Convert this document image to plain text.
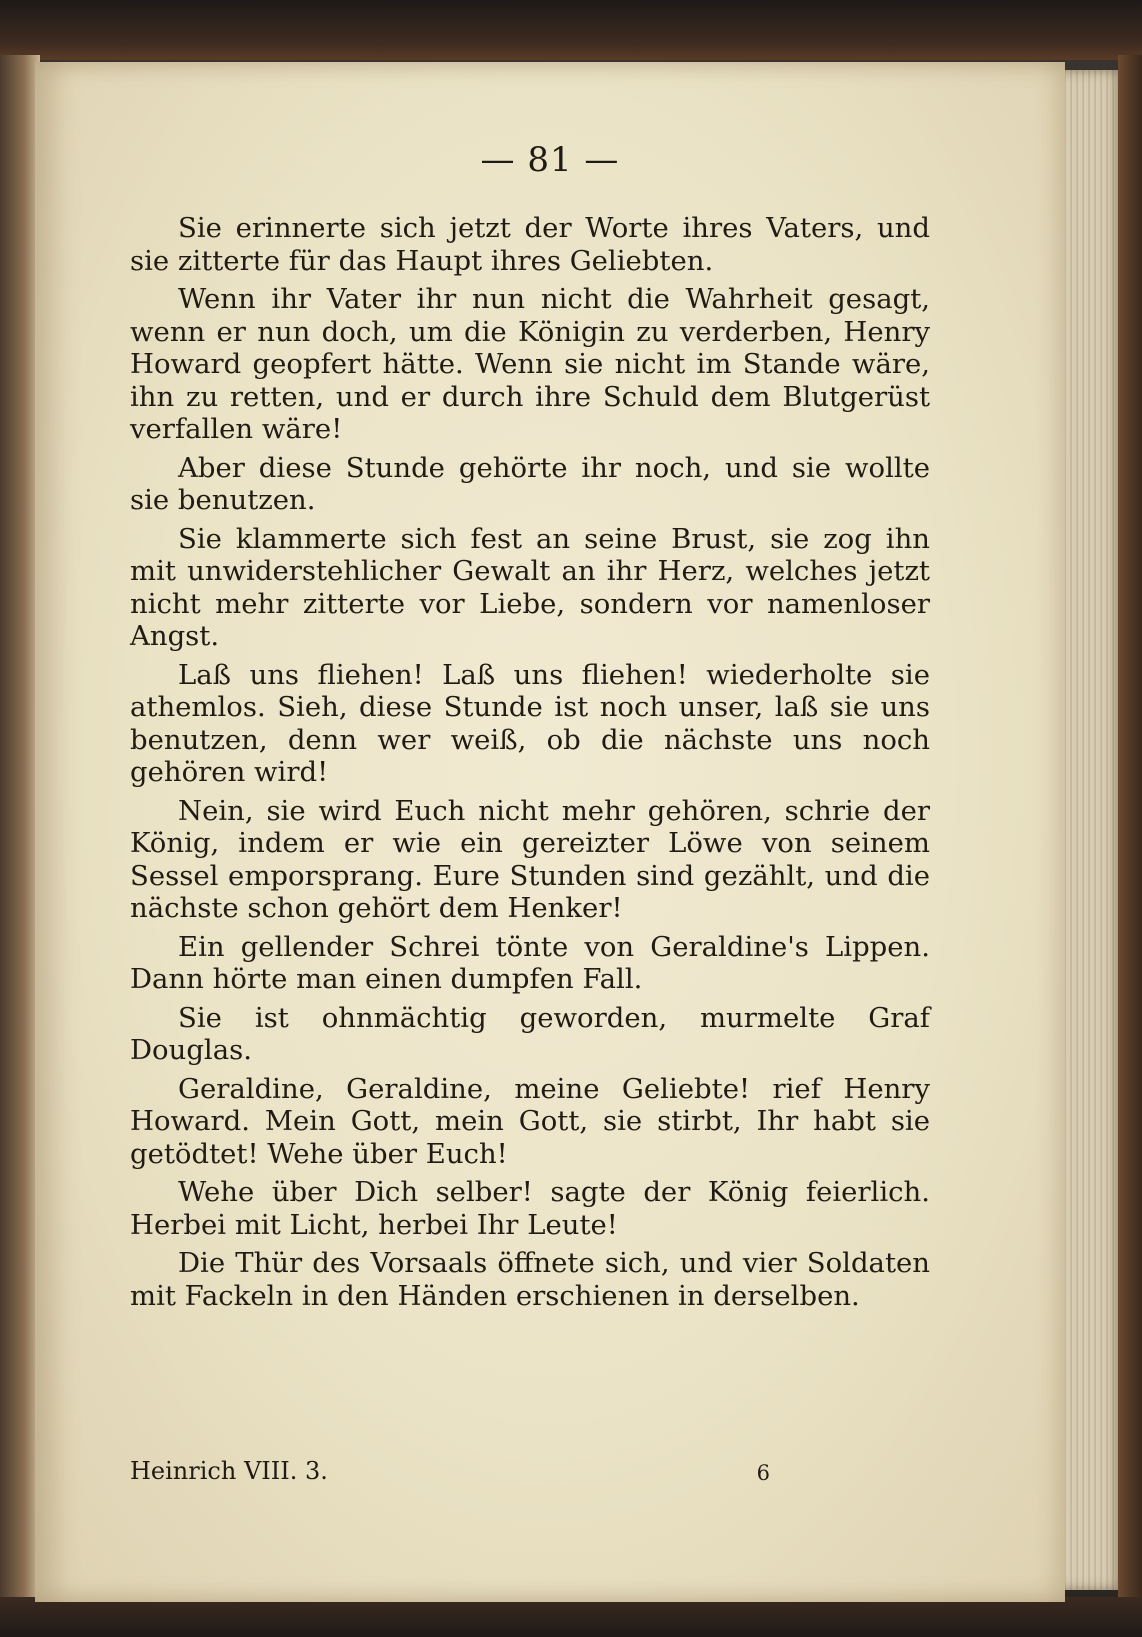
— 81 —

Sie erinnerte sich jetzt der Worte ihres Vaters, und sie zitterte für das Haupt ihres Geliebten.

Wenn ihr Vater ihr nun nicht die Wahrheit gesagt, wenn er nun doch, um die Königin zu verderben, Henry Howard geopfert hätte. Wenn sie nicht im Stande wäre, ihn zu retten, und er durch ihre Schuld dem Blutgerüst verfallen wäre!

Aber diese Stunde gehörte ihr noch, und sie wollte sie benutzen.

Sie klammerte sich fest an seine Brust, sie zog ihn mit unwiderstehlicher Gewalt an ihr Herz, welches jetzt nicht mehr zitterte vor Liebe, sondern vor namenloser Angst.

Laß uns fliehen! Laß uns fliehen! wiederholte sie athemlos. Sieh, diese Stunde ist noch unser, laß sie uns benutzen, denn wer weiß, ob die nächste uns noch gehören wird!

Nein, sie wird Euch nicht mehr gehören, schrie der König, indem er wie ein gereizter Löwe von seinem Sessel emporsprang. Eure Stunden sind gezählt, und die nächste schon gehört dem Henker!

Ein gellender Schrei tönte von Geraldine's Lippen. Dann hörte man einen dumpfen Fall.

Sie ist ohnmächtig geworden, murmelte Graf Douglas.

Geraldine, Geraldine, meine Geliebte! rief Henry Howard. Mein Gott, mein Gott, sie stirbt, Ihr habt sie getödtet! Wehe über Euch!

Wehe über Dich selber! sagte der König feierlich. Herbei mit Licht, herbei Ihr Leute!

Die Thür des Vorsaals öffnete sich, und vier Soldaten mit Fackeln in den Händen erschienen in derselben.

Heinrich VIII. 3.	6
